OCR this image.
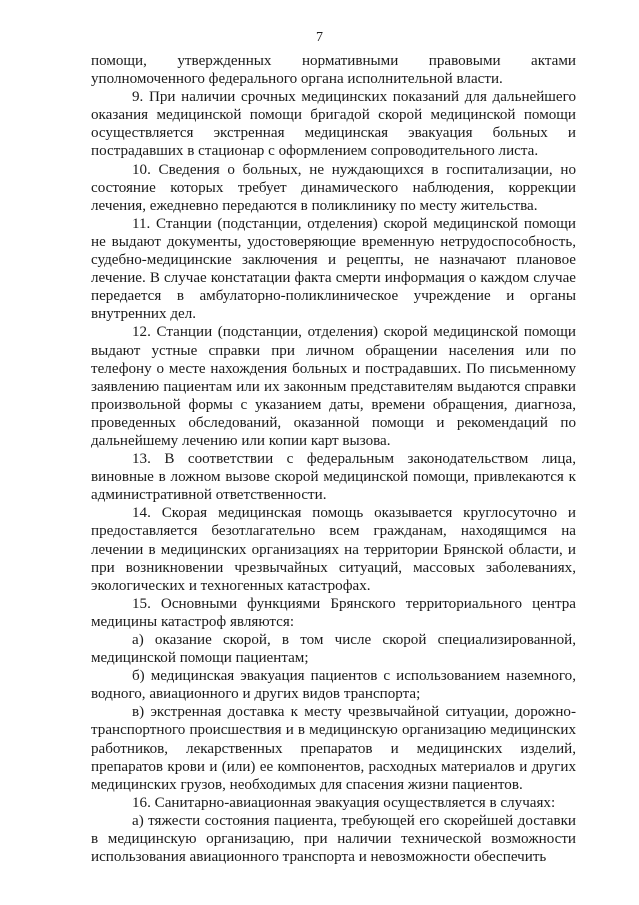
7

помощи, утвержденных нормативными правовыми актами уполномоченного федерального органа исполнительной власти.

9. При наличии срочных медицинских показаний для дальнейшего оказания медицинской помощи бригадой скорой медицинской помощи осуществляется экстренная медицинская эвакуация больных и пострадавших в стационар с оформлением сопроводительного листа.

10. Сведения о больных, не нуждающихся в госпитализации, но состояние которых требует динамического наблюдения, коррекции лечения, ежедневно передаются в поликлинику по месту жительства.

11. Станции (подстанции, отделения) скорой медицинской помощи не выдают документы, удостоверяющие временную нетрудоспособность, судебно-медицинские заключения и рецепты, не назначают плановое лечение. В случае констатации факта смерти информация о каждом случае передается в амбулаторно-поликлиническое учреждение и органы внутренних дел.

12. Станции (подстанции, отделения) скорой медицинской помощи выдают устные справки при личном обращении населения или по телефону о месте нахождения больных и пострадавших. По письменному заявлению пациентам или их законным представителям выдаются справки произвольной формы с указанием даты, времени обращения, диагноза, проведенных обследований, оказанной помощи и рекомендаций по дальнейшему лечению или копии карт вызова.

13. В соответствии с федеральным законодательством лица, виновные в ложном вызове скорой медицинской помощи, привлекаются к административной ответственности.

14. Скорая медицинская помощь оказывается круглосуточно и предоставляется безотлагательно всем гражданам, находящимся на лечении в медицинских организациях на территории Брянской области, и при возникновении чрезвычайных ситуаций, массовых заболеваниях, экологических и техногенных катастрофах.

15. Основными функциями Брянского территориального центра медицины катастроф являются:

а) оказание скорой, в том числе скорой специализированной, медицинской помощи пациентам;

б) медицинская эвакуация пациентов с использованием наземного, водного, авиационного и других видов транспорта;

в) экстренная доставка к месту чрезвычайной ситуации, дорожно-транспортного происшествия и в медицинскую организацию медицинских работников, лекарственных препаратов и медицинских изделий, препаратов крови и (или) ее компонентов, расходных материалов и других медицинских грузов, необходимых для спасения жизни пациентов.

16. Санитарно-авиационная эвакуация осуществляется в случаях:

а) тяжести состояния пациента, требующей его скорейшей доставки в медицинскую организацию, при наличии технической возможности использования авиационного транспорта и невозможности обеспечить
